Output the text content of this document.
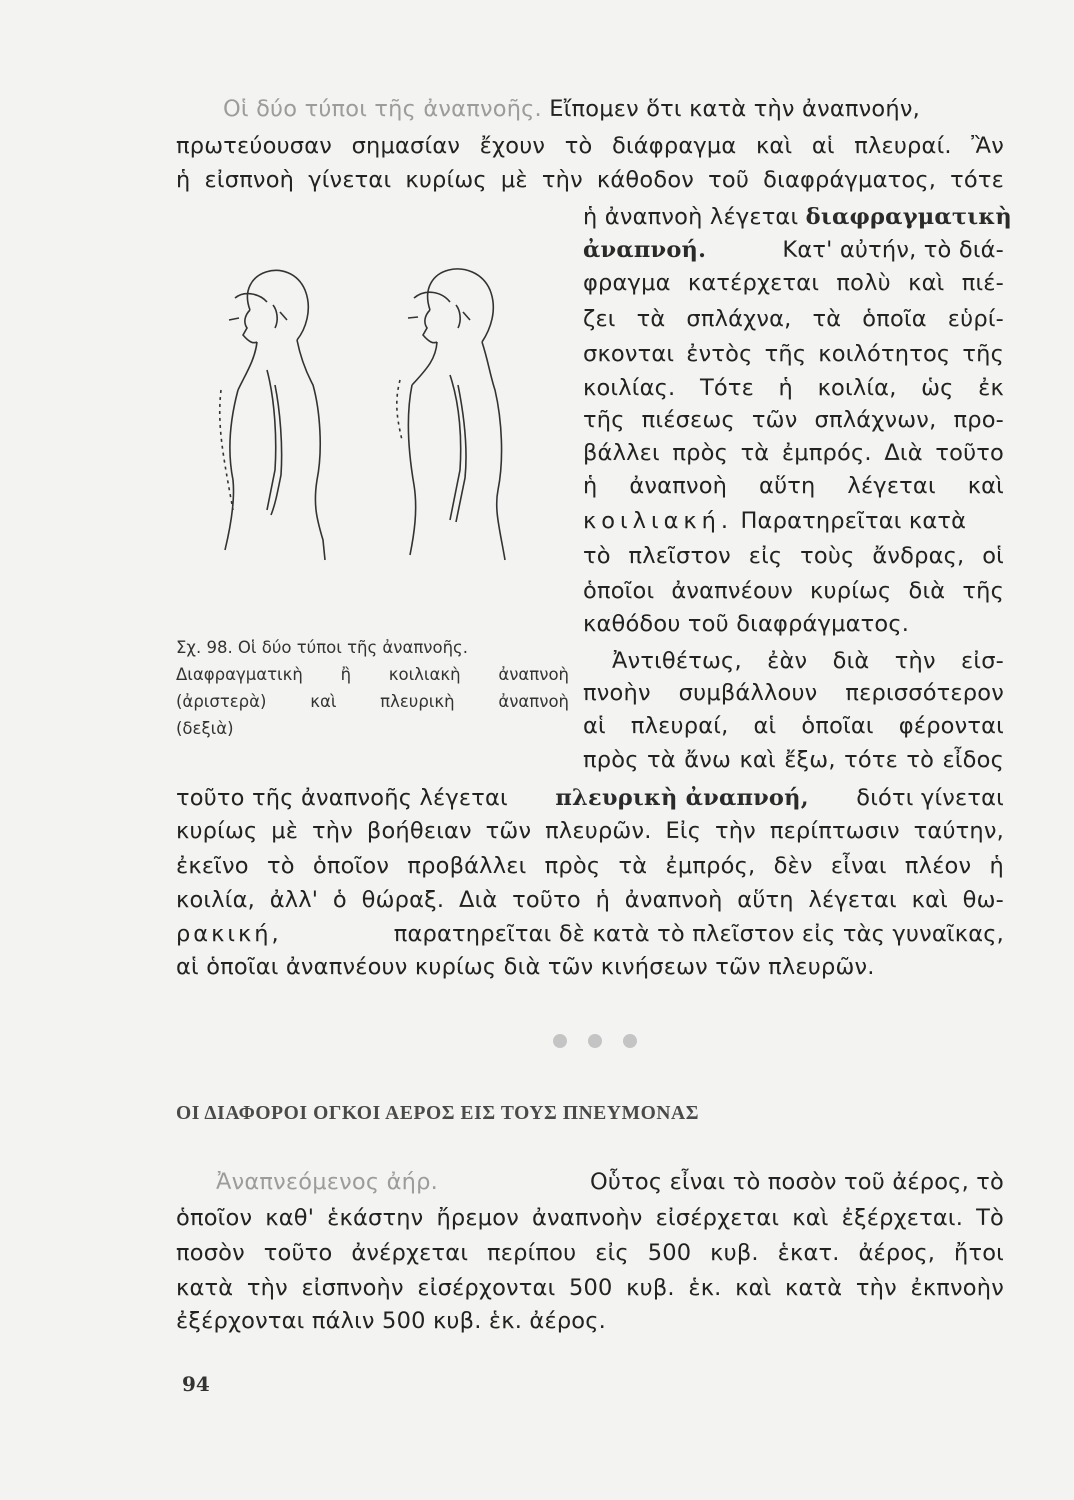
Οἱ δύο τύποι τῆς ἀναπνοῆς. Εἴπομεν ὅτι κατὰ τὴν ἀναπνοήν,
πρωτεύουσαν σημασίαν ἔχουν τὸ διάφραγμα καὶ αἱ πλευραί. Ἂν
ἡ εἰσπνοὴ γίνεται κυρίως μὲ τὴν κάθοδον τοῦ διαφράγματος, τότε
ἡ ἀναπνοὴ λέγεται διαφραγματικὴ
ἀναπνοή.	Κατ' αὐτήν, τὸ διά-
φραγμα κατέρχεται πολὺ καὶ πιέ-
ζει τὰ σπλάχνα, τὰ ὁποῖα εὑρί-
σκονται ἐντὸς τῆς κοιλότητος τῆς
κοιλίας. Τότε ἡ κοιλία, ὡς ἐκ
τῆς πιέσεως τῶν σπλάχνων, προ-
βάλλει πρὸς τὰ ἐμπρός. Διὰ τοῦτο
ἡ ἀναπνοὴ αὕτη λέγεται καὶ
κοιλιακή. Παρατηρεῖται κατὰ
τὸ πλεῖστον εἰς τοὺς ἄνδρας, οἱ
ὁποῖοι ἀναπνέουν κυρίως διὰ τῆς
καθόδου τοῦ διαφράγματος.
Σχ. 98. Οἱ δύο τύποι τῆς ἀναπνοῆς.
Διαφραγματικὴ ἢ κοιλιακὴ ἀναπνοὴ
(ἀριστερὰ) καὶ πλευρικὴ ἀναπνοὴ
(δεξιὰ)
Ἀντιθέτως, ἐὰν διὰ τὴν εἰσ-
πνοὴν συμβάλλουν περισσότερον
αἱ πλευραί, αἱ ὁποῖαι φέρονται
πρὸς τὰ ἄνω καὶ ἔξω, τότε τὸ εἶδος
τοῦτο τῆς ἀναπνοῆς λέγεται πλευρικὴ ἀναπνοή, διότι γίνεται
κυρίως μὲ τὴν βοήθειαν τῶν πλευρῶν. Εἰς τὴν περίπτωσιν ταύτην,
ἐκεῖνο τὸ ὁποῖον προβάλλει πρὸς τὰ ἐμπρός, δὲν εἶναι πλέον ἡ
κοιλία, ἀλλ' ὁ θώραξ. Διὰ τοῦτο ἡ ἀναπνοὴ αὕτη λέγεται καὶ θω-
ρακική,	παρατηρεῖται δὲ κατὰ τὸ πλεῖστον εἰς τὰς γυναῖκας,
αἱ ὁποῖαι ἀναπνέουν κυρίως διὰ τῶν κινήσεων τῶν πλευρῶν.
ΟΙ ΔΙΑΦΟΡΟΙ ΟΓΚΟΙ ΑΕΡΟΣ ΕΙΣ ΤΟΥΣ ΠΝΕΥΜΟΝΑΣ
Ἀναπνεόμενος ἀήρ.	Οὗτος εἶναι τὸ ποσὸν τοῦ ἀέρος, τὸ
ὁποῖον καθ' ἑκάστην ἤρεμον ἀναπνοὴν εἰσέρχεται καὶ ἐξέρχεται. Τὸ
ποσὸν τοῦτο ἀνέρχεται περίπου εἰς 500 κυβ. ἑκατ. ἀέρος, ἤτοι
κατὰ τὴν εἰσπνοὴν εἰσέρχονται 500 κυβ. ἑκ. καὶ κατὰ τὴν ἐκπνοὴν
ἐξέρχονται πάλιν 500 κυβ. ἑκ. ἀέρος.
94
